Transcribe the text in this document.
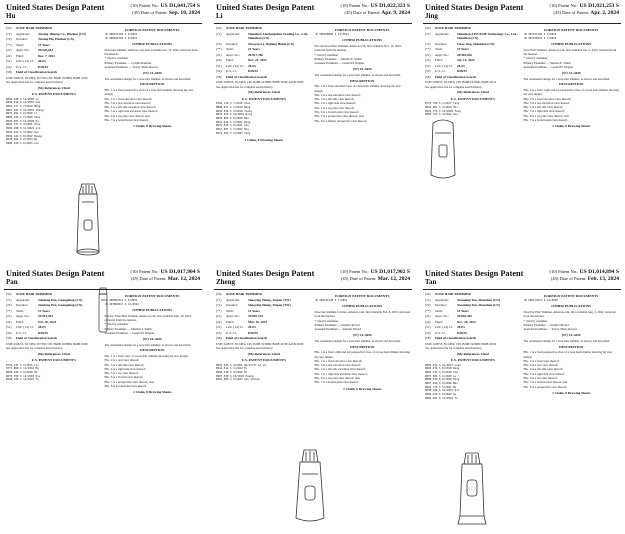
United States Design Patent
Hu
(10) Patent No.: US D1,041,754 S
(45) Date of Patent: Sep. 10, 2024
(54)	NOSE HAIR TRIMMER
(71)	Applicant:	Jiaxing Jinlong Co., Huzhou (CN)
(72)	Inventor:	Jiaxing Hu, Huzhou (CN)
(**)	Term:	15 Years
(21)	Appl. No.:	29/920,044
(22)	Filed:	Dec. 7, 2023
(51)	LOC (14) Cl.	28-03
(52)	U.S. Cl.	D28/55
(58)	Field of Classification Search
USPC D28/55, 56; D8/4; D7/330; CPC B26B 19/3806; B26B 19/20
See application file for complete search history.
(56) References Cited
U.S. PATENT DOCUMENTS
D832,546 S 11/2018 Lu
D836,814 S 12/2018 Gao
D854,277 S 7/2019 Wang
D867,041 S 11/2019 Zhang
D875,991 S 2/2020 Li
D889,104 S 7/2020 Chen
D902,561 S 11/2020 Xu
D916,337 S 4/2021 Zhou
D936,498 S 11/2021 Lin
D945,012 S 3/2022 Sun
D959,243 S 8/2022 Huang
D978,401 S 2/2023 Wu
D989,220 S 6/2023 Luo
FOREIGN PATENT DOCUMENTS
CN 306471763 S 4/2021
CN 306842705 S 9/2021
OTHER PUBLICATIONS
Nose hair trimmer, Amazon.com, first available Oct. 12, 2022, retrieved from the internet.
* cited by examiner
Primary Examiner — Cynthia Ramirez
Assistant Examiner — Tracey Marie Reeves
(57) CLAIM
The ornamental design for a nose hair trimmer, as shown and described.
DESCRIPTION
FIG. 1 is a front perspective view of a nose hair trimmer showing my new design;
FIG. 2 is a front elevation view thereof;
FIG. 3 is a rear elevation view thereof;
FIG. 4 is a left side elevation view thereof;
FIG. 5 is a right side elevation view thereof;
FIG. 6 is a top plan view thereof; and,
FIG. 7 is a bottom plan view thereof.
1 Claim, 8 Drawing Sheets
United States Design Patent
Li
(10) Patent No.: US D1,022,323 S
(45) Date of Patent: Apr. 9, 2024
(54)	NOSE HAIR TRIMMER
(71)	Applicant:	Shenzhen Xiechengshun Trading Co., Ltd., Shenzhen (CN)
(72)	Inventor:	Xiaoyan Li, Jiujiang Hubei (CN)
(**)	Term:	15 Years
(21)	Appl. No.:	29/917,786
(22)	Filed:	Nov. 21, 2023
(51)	LOC (14) Cl.	28-03
(52)	U.S. Cl.	D28/55
(58)	Field of Classification Search
USPC D28/55, 56; D8/4; CPC B26B 19/3806; B26B 19/06; A45D 26/00
See application file for complete search history.
(56) References Cited
U.S. PATENT DOCUMENTS
D762,116 S 7/2016 Chen
D808,071 S 1/2018 Kang
D842,556 S 3/2019 Jiang
D870,972 S 12/2019 Dong
D893,802 S 8/2020 Rao
D912,914 S 3/2021 Peng
D931,544 S 9/2021 Cao
D957,087 S 7/2022 Hou
D974,642 S 1/2023 Yang
1 Claim, 8 Drawing Sheets
FOREIGN PATENT DOCUMENTS
CN 306948983 S 11/2021
OTHER PUBLICATIONS
Ear and Nose Hair Trimmer, Amazon.com, first available Nov. 14, 2022, retrieved from the internet.
* cited by examiner
Primary Examiner — Mariela E. Smith
Assistant Examiner — Gerald H. Wagner
(57) CLAIM
The ornamental design for a nose hair trimmer, as shown and described.
DESCRIPTION
FIG. 1 is a front elevation view of a nose hair trimmer showing my new design;
FIG. 2 is a rear elevation view thereof;
FIG. 3 is a left side view thereof;
FIG. 4 is a right side view thereof;
FIG. 5 is a top plan view thereof;
FIG. 6 is a bottom plan view thereof;
FIG. 7 is a perspective view thereof; and,
FIG. 8 is a further perspective view thereof.
United States Design Patent
Jing
(10) Patent No.: US D1,021,253 S
(45) Date of Patent: Apr. 2, 2024
(54)	NOSE HAIR TRIMMER
(71)	Applicant:	Shenzhen ZIYUEJIE Technology Co., Ltd., Shenzhen (CN)
(72)	Inventor:	Chao Jing, Shenzhen (CN)
(**)	Term:	15 Years
(21)	Appl. No.:	29/904,026
(22)	Filed:	Jul. 12, 2023
(51)	LOC (14) Cl.	28-03
(52)	U.S. Cl.	D28/55
(58)	Field of Classification Search
USPC D28/55, 56; D8/4; CPC B26B 19/3806; B26B 19/14
See application file for complete search history.
(56) References Cited
U.S. PATENT DOCUMENTS
D775,756 S 1/2017 Tang
D843,061 S 3/2019 Shi
D901,775 S 11/2020 Fang
D950,133 S 4/2022 Guo
FOREIGN PATENT DOCUMENTS
CN 307151104 S 3/2022
CN 307418233 S 7/2022
OTHER PUBLICATIONS
Nose Hair Trimmer, Amazon.com, first available Jan. 5, 2023, retrieved from the internet.
* cited by examiner
Primary Examiner — Mariela E. Smith
Assistant Examiner — Gerald H. Wagner
(57) CLAIM
The ornamental design for a nose hair trimmer, as shown and described.
DESCRIPTION
FIG. 1 is a front, right and top perspective view of a nose hair trimmer showing my new design;
FIG. 2 is a front elevation view thereof;
FIG. 3 is a rear elevation view thereof;
FIG. 4 is a left side view thereof;
FIG. 5 is a right side view thereof;
FIG. 6 is a top plan view thereof; and,
FIG. 7 is a bottom plan view thereof.
1 Claim, 8 Drawing Sheets
United States Design Patent
Pan
(10) Patent No.: US D1,017,904 S
(45) Date of Patent: Mar. 12, 2024
(54)	NOSE HAIR TRIMMER
(71)	Applicant:	Jianfeng Pan, Guangdong (CN)
(72)	Inventor:	Jianfeng Pan, Guangdong (CN)
(**)	Term:	15 Years
(21)	Appl. No.:	29/915,304
(22)	Filed:	Oct. 30, 2023
(51)	LOC (14) Cl.	28-03
(52)	U.S. Cl.	D28/55
(58)	Field of Classification Search
USPC D28/55, 56; D8/4; D7/330; CPC B26B 19/3806; B26B 19/00
See application file for complete search history.
(56) References Cited
U.S. PATENT DOCUMENTS
D732,231 S 6/2015 Liu
D771,868 S 11/2016 Ma
D828,640 S 9/2018 He
D870,358 S 12/2019 Qiu
D938,106 S 12/2021 Ye
FOREIGN PATENT DOCUMENTS
CN 306583312 S 5/2021
CN 307004517 S 12/2021
OTHER PUBLICATIONS
Electric Nose Hair Trimmer, Amazon.com, first available Mar. 30, 2023, retrieved from the internet.
* cited by examiner
Primary Examiner — Marlene J. Smith
Assistant Examiner — Gerald H. Wagner
(57) CLAIM
The ornamental design for a nose hair trimmer, as shown and described.
DESCRIPTION
FIG. 1 is a front view of a nose hair trimmer showing my new design;
FIG. 2 is a rear view thereof;
FIG. 3 is a left side view thereof;
FIG. 4 is a right side view thereof;
FIG. 5 is a top view thereof;
FIG. 6 is a bottom view thereof;
FIG. 7 is a perspective view thereof; and,
FIG. 8 is an exploded view thereof.
1 Claim, 8 Drawing Sheets
United States Design Patent
Zheng
(10) Patent No.: US D1,017,902 S
(45) Date of Patent: Mar. 12, 2024
(54)	NOSE HAIR TRIMMER
(71)	Applicant:	Shaoying Zheng, Taipan (TW)
(72)	Inventor:	Shaoying Zheng, Taipan (TW)
(**)	Term:	15 Years
(21)	Appl. No.:	29/887,194
(22)	Filed:	Mar. 16, 2023
(51)	LOC (14) Cl.	28-03
(52)	U.S. Cl.	D28/55
(58)	Field of Classification Search
USPC D28/55, 56; D8/4; CPC B26B 19/3806; B26B 19/38; A45D 26/00
See application file for complete search history.
(56) References Cited
U.S. PATENT DOCUMENTS
D915,640 S 4/2021 Hershoff et al.
D941,512 S 1/2022 Fu
D950,139 S 4/2022 Mi
D967,539 S 10/2022 Huang
D981,086 S 3/2023 Van Schaik
FOREIGN PATENT DOCUMENTS
CN 306741520 S 7/2021
OTHER PUBLICATIONS
Nose hair trimmer for men, Amazon.com, first available Feb. 8, 2023, retrieved from the internet.
* cited by examiner
Primary Examiner — Jennifer Rivard
Assistant Examiner — Jennifer Rivard
(57) CLAIM
The ornamental design for a nose hair trimmer, as shown and described.
DESCRIPTION
FIG. 1 is a front, right and top perspective view of a nose hair trimmer showing my new design;
FIG. 2 is a front elevation view thereof;
FIG. 3 is a rear elevation view thereof;
FIG. 4 is a left side elevation view thereof;
FIG. 5 is a right side elevation view thereof;
FIG. 6 is a top plan view thereof; and,
FIG. 7 is a bottom plan view thereof.
1 Claim, 8 Drawing Sheets
United States Design Patent
Tan
(10) Patent No.: US D1,014,894 S
(45) Date of Patent: Feb. 13, 2024
(54)	NOSE HAIR TRIMMER
(71)	Applicant:	Xiaoming Tan, Shenzhen (CN)
(72)	Inventor:	Xiaoming Tan, Shenzhen (CN)
(**)	Term:	15 Years
(21)	Appl. No.:	29/884,465
(22)	Filed:	Nov. 18, 2022
(51)	LOC (14) Cl.	28-03
(52)	U.S. Cl.	D28/55
(58)	Field of Classification Search
USPC D28/55, 56; D8/4; CPC B26B 19/3806; B26B 19/02
See application file for complete search history.
(56) References Cited
U.S. PATENT DOCUMENTS
D803,474 S 11/2017 Liao
D826,470 S 8/2018 Deng
D850,727 S 6/2019 Xie
D873,501 S 1/2020 Lu
D886,374 S 6/2020 Feng
D897,016 S 9/2020 Bai
D919,176 S 5/2021 Mo
D938,100 S 12/2021 Qin
D956,350 S 6/2022 Gu
D969,401 S 11/2022 Yu
FOREIGN PATENT DOCUMENTS
CN 306174521 S 11/2020
OTHER PUBLICATIONS
Nose Ear Hair Trimmer, Amazon.com, first available Aug. 2, 2022, retrieved from the internet.
* cited by examiner
Primary Examiner — Jennifer Rivard
Assistant Examiner — Tracey Marie Reeves
(57) CLAIM
The ornamental design for a nose hair trimmer, as shown and described.
DESCRIPTION
FIG. 1 is a front perspective view of a nose hair trimmer showing my new design;
FIG. 2 is a front view thereof;
FIG. 3 is a rear view thereof;
FIG. 4 is a left side view thereof;
FIG. 5 is a right side view thereof;
FIG. 6 is a top view thereof;
FIG. 7 is a bottom view thereof; and,
FIG. 8 is a perspective view thereof.
1 Claim, 8 Drawing Sheets
